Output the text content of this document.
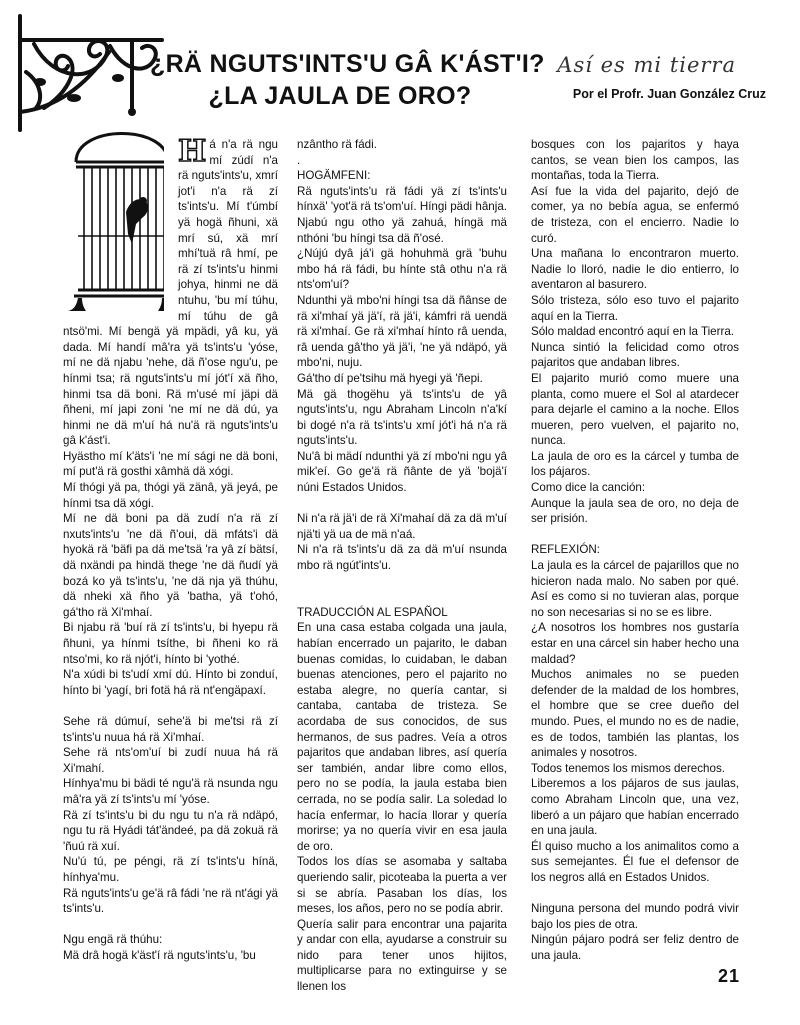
¿RÄ NGUTS'INTS'U GÂ K'ÁST'I?
¿LA JAULA DE ORO?
Así es mi tierra
Por el Profr. Juan González Cruz
H á n'a rä ngu mí zúdí n'a rä nguts'ints'u, xmrí jot'i n'a rä zí ts'ints'u. Mí t'úmbí yä hogä ñhuni, xä mrí sú, xä mrí mhí'tuä râ hmí, pe rä zí ts'ints'u hinmi johya, hinmi ne dä ntuhu, 'bu mí túhu, mí túhu de gâ ntsö'mi. Mí bengä yä mpädi, yâ ku, yä dada. Mí handí mâ'ra yä ts'ints'u 'yóse, mí ne dä njabu 'nehe, dä ñ'ose ngu'u, pe hínmi tsa; rä nguts'ints'u mí jót'í xä ñho, hinmi tsa dä boni. Rä m'usé mí jäpi dä ñheni, mí japi zoni 'ne mí ne dä dú, ya hinmi ne dä m'uí há nu'ä rä nguts'ints'u gâ k'ást'i.

Hyästho mí k'äts'i 'ne mí sági ne dä boni, mí put'ä rä gosthi xâmhä dä xógi.

Mí thógi yä pa, thógi yä zänâ, yä jeyá, pe hínmi tsa dä xógi.

Mí ne dä boni pa dä zudí n'a rä zí nxuts'ints'u 'ne dä ñ'oui, dä mfáts'i dä hyokä rä 'bäfi pa dä me'tsä 'ra yâ zí bätsí, dä nxändi pa hindä thege 'ne dä ñudí yä bozá ko yä ts'ints'u, 'ne dä nja yä thúhu, dä nheki xä ñho yä 'batha, yä t'ohó, gá'tho rä Xi'mhaí.

Bi njabu rä 'buí rä zí ts'ints'u, bi hyepu rä ñhuni, ya hínmi tsíthe, bi ñheni ko rä ntso'mi, ko rä njót'i, hínto bi 'yothé.

N'a xúdi bi ts'udí xmí dú. Hínto bi zonduí, hínto bi 'yagí, bri fotä há rä nt'engäpaxí.

Sehe rä dúmuí, sehe'ä bi me'tsi rä zí ts'ints'u nuua há rä Xi'mhaí.

Sehe rä nts'om'uí bi zudí nuua há rä Xi'mahí.

Hínhya'mu bi bädi té ngu'ä rä nsunda ngu mâ'ra yä zí ts'ints'u mí 'yóse.

Rä zí ts'ints'u bi du ngu tu n'a rä ndäpó, ngu tu rä Hyádi tát'ändeé, pa dä zokuä rä 'ñuú rä xuí.

Nu'ú tú, pe péngi, rä zí ts'ints'u hínä, hínhya'mu.

Rä nguts'ints'u ge'ä râ fádi 'ne rä nt'ági yä ts'ints'u.

Ngu engä rä thúhu:

Mä drâ hogä k'äst'í rä nguts'ints'u, 'bu

nzântho rä fádi.

.

HOGÄMFENI:

Rä nguts'ints'u rä fádi yä zí ts'ints'u hínxä' 'yot'ä rä ts'om'uí. Híngi pädi hânja. Njabú ngu otho yä zahuá, híngä mä nthóni 'bu híngi tsa dä ñ'osé.

¿Nújú dyâ já'i gä hohuhmä grä 'buhu mbo há rä fádi, bu hínte stâ othu n'a rä nts'om'uí?

Ndunthi yä mbo'ni híngi tsa dä ñânse de rä xi'mhaí yä jä'í, rä jä'i, kámfri rä uendä rä xi'mhaí. Ge rä xi'mhaí hínto râ uenda, râ uenda gâ'tho yä jä'i, 'ne yä ndäpó, yä mbo'ni, nuju.

Gá'tho dí pe'tsihu mä hyegi yä 'ñepi.

Mä gä thogëhu yä ts'ints'u de yâ nguts'ints'u, ngu Abraham Lincoln n'a'kí bi dogé n'a rä ts'ints'u xmí jót'i há n'a rä nguts'ints'u.

Nu'â bi mädí ndunthi yä zí mbo'ni ngu yâ mik'eí. Go ge'ä rä ñânte de yä 'bojä'í núni Estados Unidos.

Ni n'a rä jä'i de rä Xi'mahaí dä za dä m'uí njä'ti yä ua de mä n'aá.

Ni n'a rä ts'ints'u dä za dä m'uí nsunda mbo rä ngút'ints'u.

TRADUCCIÓN AL ESPAÑOL

En una casa estaba colgada una jaula, habían encerrado un pajarito, le daban buenas comidas, lo cuidaban, le daban buenas atenciones, pero el pajarito no estaba alegre, no quería cantar, si cantaba, cantaba de tristeza. Se acordaba de sus conocidos, de sus hermanos, de sus padres. Veía a otros pajaritos que andaban libres, así quería ser también, andar libre como ellos, pero no se podía, la jaula estaba bien cerrada, no se podía salir. La soledad lo hacía enfermar, lo hacía llorar y quería morirse; ya no quería vivir en esa jaula de oro.

Todos los días se asomaba y saltaba queriendo salir, picoteaba la puerta a ver si se abría. Pasaban los días, los meses, los años, pero no se podía abrir.

Quería salir para encontrar una pajarita y andar con ella, ayudarse a construir su nido para tener unos hijitos, multiplicarse para no extinguirse y se llenen los

bosques con los pajaritos y haya cantos, se vean bien los campos, las montañas, toda la Tierra.

Así fue la vida del pajarito, dejó de comer, ya no bebía agua, se enfermó de tristeza, con el encierro. Nadie lo curó.

Una mañana lo encontraron muerto. Nadie lo lloró, nadie le dio entierro, lo aventaron al basurero.

Sólo tristeza, sólo eso tuvo el pajarito aquí en la Tierra.

Sólo maldad encontró aquí en la Tierra.

Nunca sintió la felicidad como otros pajaritos que andaban libres.

El pajarito murió como muere una planta, como muere el Sol al atardecer para dejarle el camino a la noche. Ellos mueren, pero vuelven, el pajarito no, nunca.

La jaula de oro es la cárcel y tumba de los pájaros.

Como dice la canción:

Aunque la jaula sea de oro, no deja de ser prisión.

REFLEXIÓN:

La jaula es la cárcel de pajarillos que no hicieron nada malo. No saben por qué. Así es como si no tuvieran alas, porque no son necesarias si no se es libre.

¿A nosotros los hombres nos gustaría estar en una cárcel sin haber hecho una maldad?

Muchos animales no se pueden defender de la maldad de los hombres, el hombre que se cree dueño del mundo. Pues, el mundo no es de nadie, es de todos, también las plantas, los animales y nosotros.

Todos tenemos los mismos derechos.

Liberemos a los pájaros de sus jaulas, como Abraham Lincoln que, una vez, liberó a un pájaro que habían encerrado en una jaula.

Él quiso mucho a los animalitos como a sus semejantes. Él fue el defensor de los negros allá en Estados Unidos.

Ninguna persona del mundo podrá vivir bajo los pies de otra.

Ningún pájaro podrá ser feliz dentro de una jaula.

21
